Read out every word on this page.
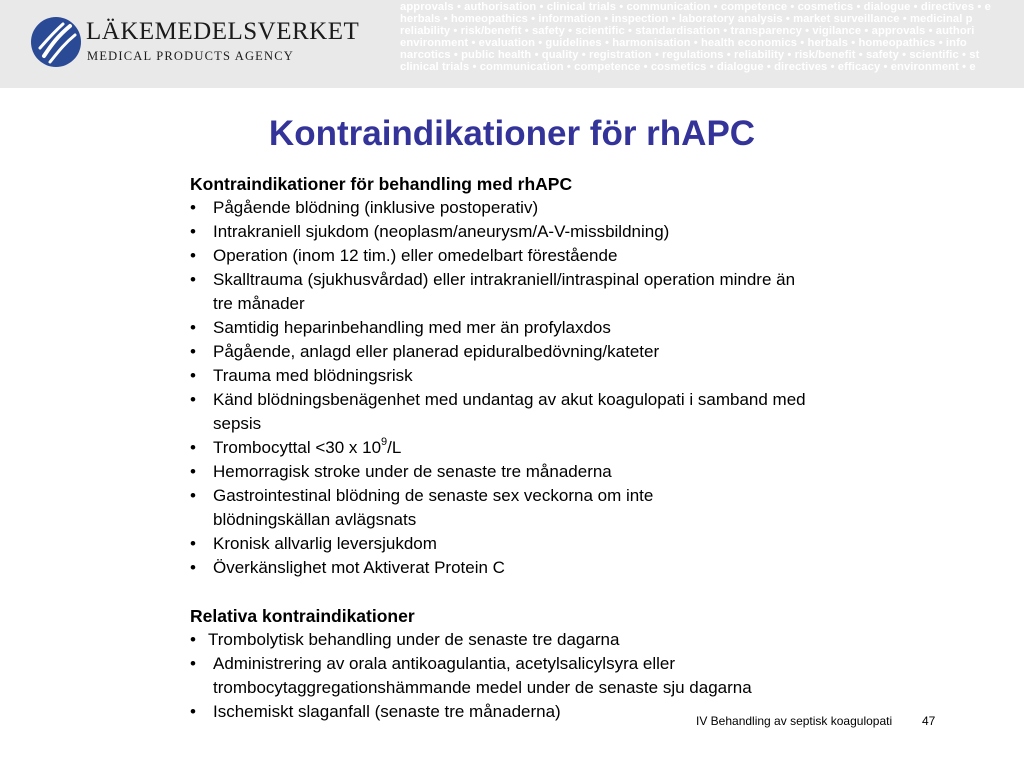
LÄKEMEDELSVERKET
MEDICAL PRODUCTS AGENCY
approvals • authorisation • clinical trials • communication • competence • cosmetics • dialogue • directives • e
herbals • homeopathics • information • inspection • laboratory analysis • market surveillance • medicinal p
reliability • risk/benefit • safety • scientific • standardisation • transparency • vigilance • approvals • authori
environment • evaluation • guidelines • harmonisation • health economics • herbals • homeopathics • info
narcotics • public health • quality • registration • regulations • reliability • risk/benefit • safety • scientific • st
clinical trials • communication • competence • cosmetics • dialogue • directives • efficacy • environment • e
Kontraindikationer för rhAPC
Kontraindikationer för behandling med rhAPC
• Pågående blödning (inklusive postoperativ)
• Intrakraniell sjukdom (neoplasm/aneurysm/A-V-missbildning)
• Operation (inom 12 tim.) eller omedelbart förestående
• Skalltrauma (sjukhusvårdad) eller intrakraniell/intraspinal operation mindre än tre månader
• Samtidig heparinbehandling med mer än profylaxdos
• Pågående, anlagd eller planerad epiduralbedövning/kateter
• Trauma med blödningsrisk
• Känd blödningsbenägenhet med undantag av akut koagulopati i samband med sepsis
• Trombocyttal <30 x $10^9/L$
• Hemorragisk stroke under de senaste tre månaderna
• Gastrointestinal blödning de senaste sex veckorna om inte blödningskällan avlägsnats
• Kronisk allvarlig leversjukdom
• Överkänslighet mot Aktiverat Protein C
Relativa kontraindikationer
• Trombolytisk behandling under de senaste tre dagarna
• Administrering av orala antikoagulantia, acetylsalicylsyra eller trombocytaggregationshämmande medel under de senaste sju dagarna
• Ischemiskt slaganfall (senaste tre månaderna)	IV Behandling av septisk koagulopati 47
